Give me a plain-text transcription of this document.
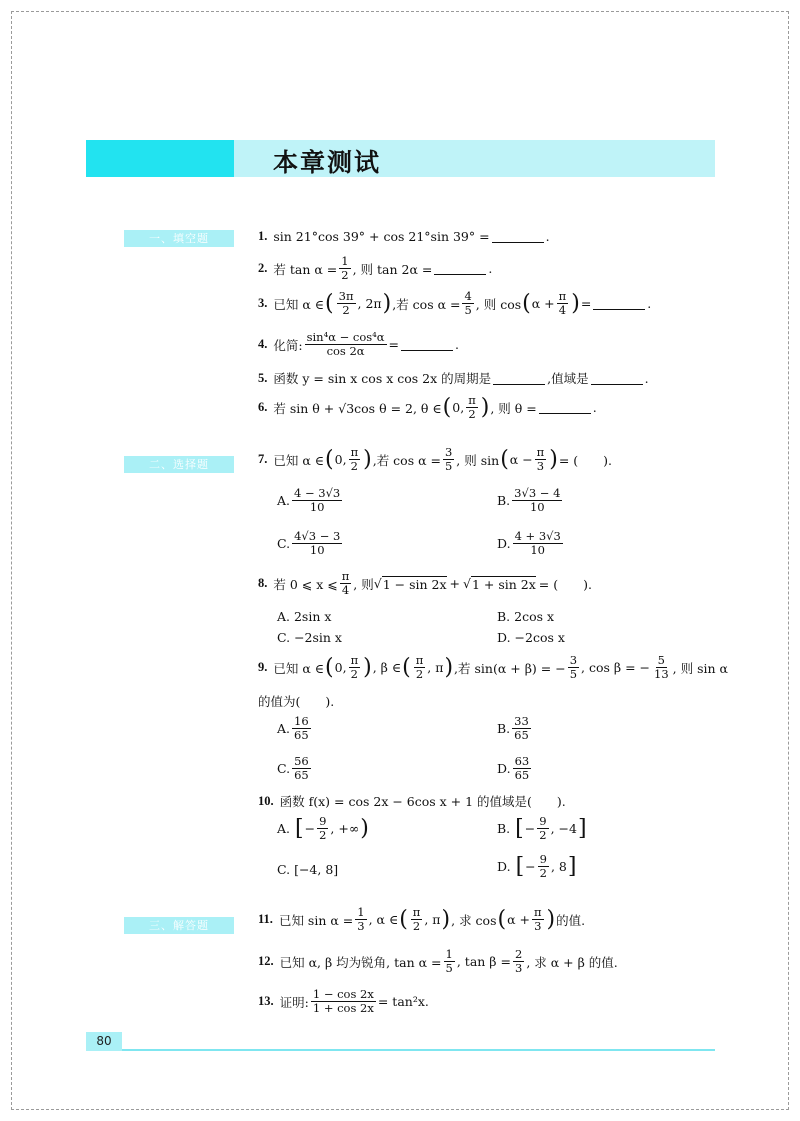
本章测试
一、填空题
二、选择题
三、解答题
1. sin 21°cos 39° + cos 21°sin 39° =	.
2. 若 $\tan \alpha = \frac{1}{2}$ , 则 tan 2α =	.
3. 已知 α ∈ ( $\frac{3\pi}{2}$ , 2π ) ,若 $\cos \alpha = \frac{4}{5}$ , 则 cos ( $\alpha + \frac{\pi}{4}$ ) =	.
4. 化简: $\frac{\text{sin⁴α − cos⁴α}}{\cos 2\alpha}$ =	.
5. 函数 y = sin x cos x cos 2x 的周期是	,值域是	.
6. 若 sin θ + √3cos θ = 2, θ ∈ ( 0, $\frac{\pi}{2}$ ) , 则 θ =	.
7. 已知 α ∈ ( 0, $\frac{\pi}{2}$ ) ,若 $\cos \alpha = \frac{3}{5}$ , 则 sin ( $\alpha - \frac{\pi}{3}$ ) = (　　).
A. $\frac{4 - 3√3}{10}$	B. $\frac{3√3 - 4}{10}$
C. $\frac{4√3 - 3}{10}$	D. $\frac{4 + 3√3}{10}$
8. 若 0 ⩽ x ⩽ $\frac{\pi}{4}$ , 则 √ 1 − sin 2x + √ 1 + sin 2x = (　　).
A. 2sin x	B. 2cos x
C. −2sin x	D. −2cos x
9. 已知 α ∈ ( 0, $\frac{\pi}{2}$ ) , β ∈ ( $\frac{\pi}{2}$ , π ) ,若 sin(α + β) = − $\frac{3}{5}$ , cos β = − $\frac{5}{13}$ , 则 sin α
的值为(　　).
A. $\frac{16}{65}$	B. $\frac{33}{65}$
C. $\frac{56}{65}$	D. $\frac{63}{65}$
10. 函数 f(x) = cos 2x − 6cos x + 1 的值域是(　　).
A. [ − $\frac{9}{2}$ , +∞ )	B. [ − $\frac{9}{2}$ , −4 ]
C. [−4, 8]	D. [ − $\frac{9}{2}$ , 8 ]
11. 已知 $\sin \alpha = \frac{1}{3}$ , α ∈ ( $\frac{\pi}{2}$ , π ) , 求 cos ( $\alpha + \frac{\pi}{3}$ ) 的值.
12. 已知 α, β 均为锐角, $\tan \alpha = \frac{1}{5}$ , $\tan \beta = \frac{2}{3}$ , 求 α + β 的值.
13. 证明: $\frac{1 - \cos 2x}{1 + \cos 2x} = \tan^2x$.
80
